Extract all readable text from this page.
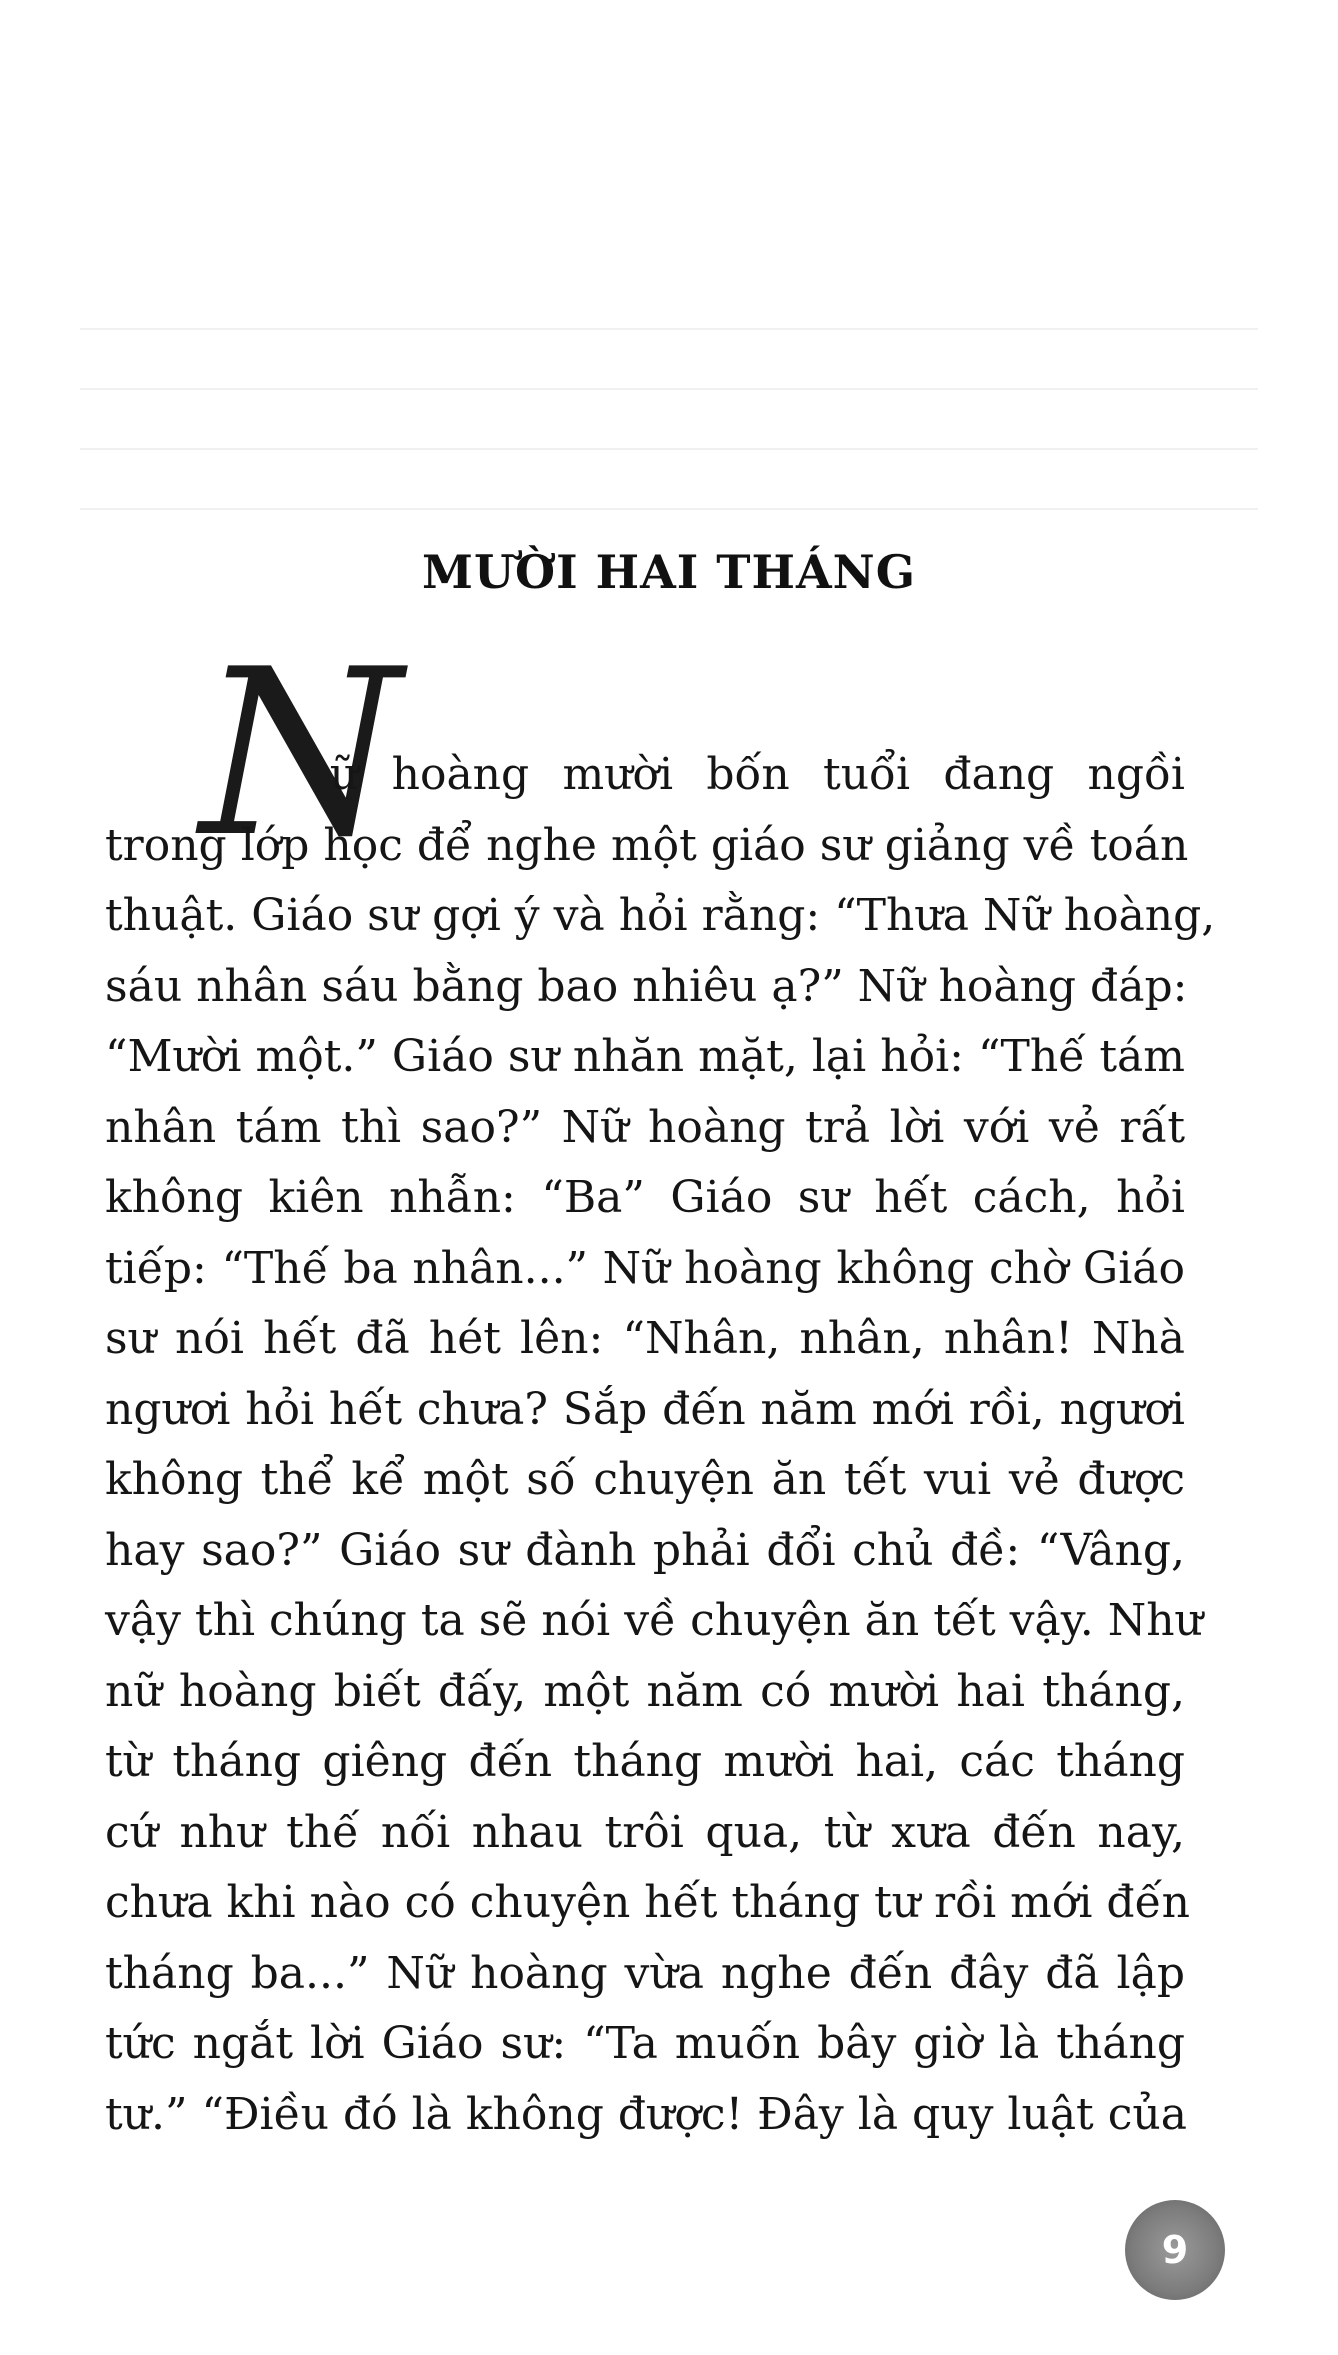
MƯỜI HAI THÁNG
N
ữ hoàng mười bốn tuổi đang ngồi
trong lớp học để nghe một giáo sư giảng về toán
thuật. Giáo sư gợi ý và hỏi rằng: “Thưa Nữ hoàng,
sáu nhân sáu bằng bao nhiêu ạ?” Nữ hoàng đáp:
“Mười một.” Giáo sư nhăn mặt, lại hỏi: “Thế tám
nhân tám thì sao?” Nữ hoàng trả lời với vẻ rất
không kiên nhẫn: “Ba” Giáo sư hết cách, hỏi
tiếp: “Thế ba nhân...” Nữ hoàng không chờ Giáo
sư nói hết đã hét lên: “Nhân, nhân, nhân! Nhà
ngươi hỏi hết chưa? Sắp đến năm mới rồi, ngươi
không thể kể một số chuyện ăn tết vui vẻ được
hay sao?” Giáo sư đành phải đổi chủ đề: “Vâng,
vậy thì chúng ta sẽ nói về chuyện ăn tết vậy. Như
nữ hoàng biết đấy, một năm có mười hai tháng,
từ tháng giêng đến tháng mười hai, các tháng
cứ như thế nối nhau trôi qua, từ xưa đến nay,
chưa khi nào có chuyện hết tháng tư rồi mới đến
tháng ba...” Nữ hoàng vừa nghe đến đây đã lập
tức ngắt lời Giáo sư: “Ta muốn bây giờ là tháng
tư.” “Điều đó là không được! Đây là quy luật của
9
